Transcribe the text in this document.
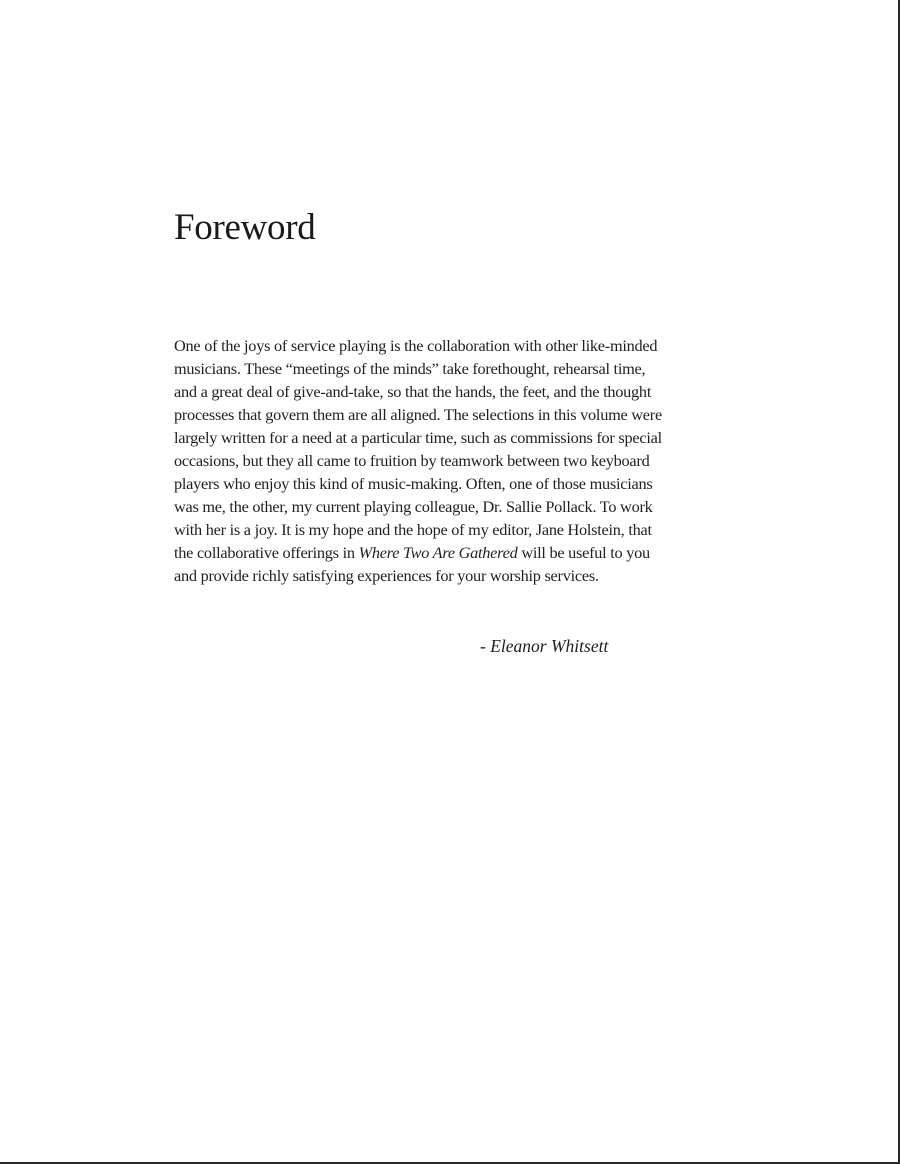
Foreword

One of the joys of service playing is the collaboration with other like-minded
musicians. These “meetings of the minds” take forethought, rehearsal time,
and a great deal of give-and-take, so that the hands, the feet, and the thought
processes that govern them are all aligned. The selections in this volume were
largely written for a need at a particular time, such as commissions for special
occasions, but they all came to fruition by teamwork between two keyboard
players who enjoy this kind of music-making. Often, one of those musicians
was me, the other, my current playing colleague, Dr. Sallie Pollack. To work
with her is a joy. It is my hope and the hope of my editor, Jane Holstein, that
the collaborative offerings in Where Two Are Gathered will be useful to you
and provide richly satisfying experiences for your worship services.

- Eleanor Whitsett
